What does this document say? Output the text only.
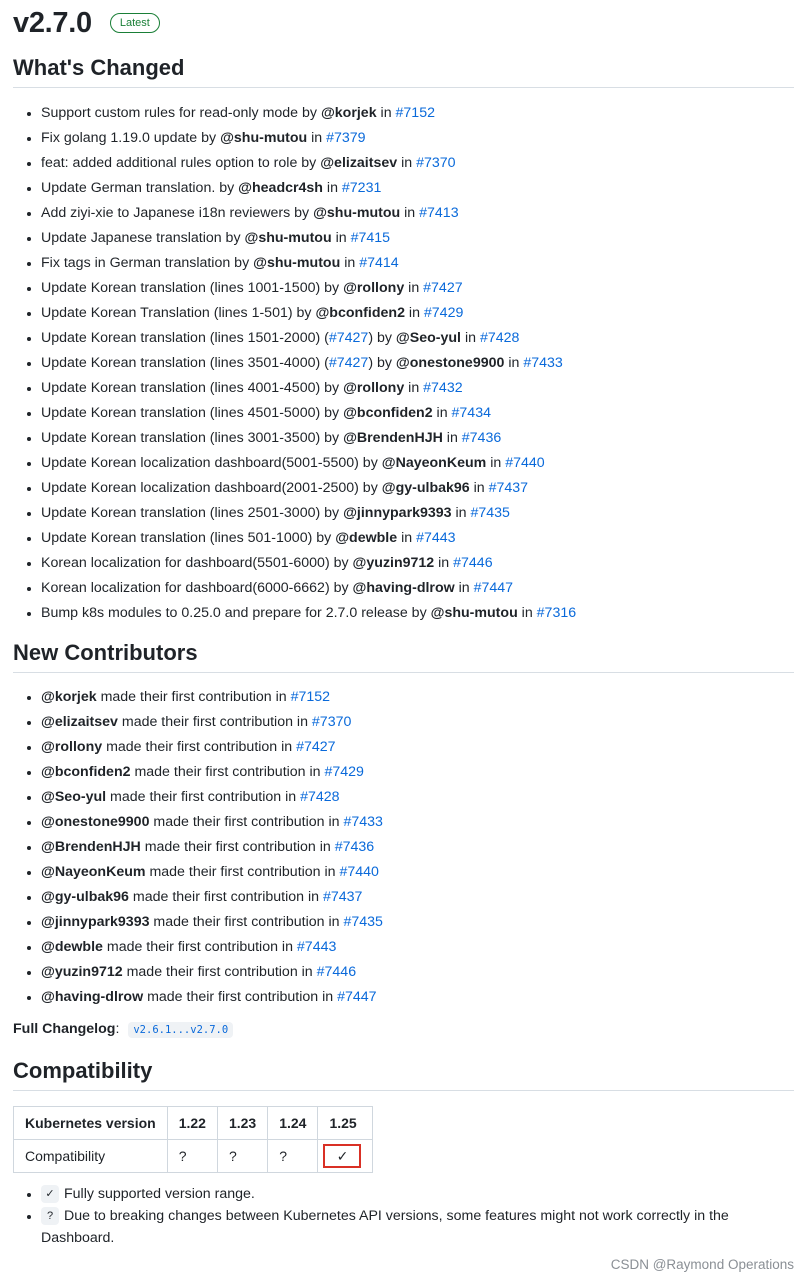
v2.7.0	Latest
What's Changed
• Support custom rules for read-only mode by @korjek in #7152
• Fix golang 1.19.0 update by @shu-mutou in #7379
• feat: added additional rules option to role by @elizaitsev in #7370
• Update German translation. by @headcr4sh in #7231
• Add ziyi-xie to Japanese i18n reviewers by @shu-mutou in #7413
• Update Japanese translation by @shu-mutou in #7415
• Fix tags in German translation by @shu-mutou in #7414
• Update Korean translation (lines 1001-1500) by @rollony in #7427
• Update Korean Translation (lines 1-501) by @bconfiden2 in #7429
• Update Korean translation (lines 1501-2000) (#7427) by @Seo-yul in #7428
• Update Korean translation (lines 3501-4000) (#7427) by @onestone9900 in #7433
• Update Korean translation (lines 4001-4500) by @rollony in #7432
• Update Korean translation (lines 4501-5000) by @bconfiden2 in #7434
• Update Korean translation (lines 3001-3500) by @BrendenHJH in #7436
• Update Korean localization dashboard(5001-5500) by @NayeonKeum in #7440
• Update Korean localization dashboard(2001-2500) by @gy-ulbak96 in #7437
• Update Korean translation (lines 2501-3000) by @jinnypark9393 in #7435
• Update Korean translation (lines 501-1000) by @dewble in #7443
• Korean localization for dashboard(5501-6000) by @yuzin9712 in #7446
• Korean localization for dashboard(6000-6662) by @having-dlrow in #7447
• Bump k8s modules to 0.25.0 and prepare for 2.7.0 release by @shu-mutou in #7316
New Contributors
• @korjek made their first contribution in #7152
• @elizaitsev made their first contribution in #7370
• @rollony made their first contribution in #7427
• @bconfiden2 made their first contribution in #7429
• @Seo-yul made their first contribution in #7428
• @onestone9900 made their first contribution in #7433
• @BrendenHJH made their first contribution in #7436
• @NayeonKeum made their first contribution in #7440
• @gy-ulbak96 made their first contribution in #7437
• @jinnypark9393 made their first contribution in #7435
• @dewble made their first contribution in #7443
• @yuzin9712 made their first contribution in #7446
• @having-dlrow made their first contribution in #7447
Full Changelog: v2.6.1...v2.7.0
Compatibility
Kubernetes version	1.22	1.23	1.24	1.25
Compatibility	?	?	?	✓
• ✓ Fully supported version range.
• ? Due to breaking changes between Kubernetes API versions, some features might not work correctly in the Dashboard.
CSDN @Raymond Operations
